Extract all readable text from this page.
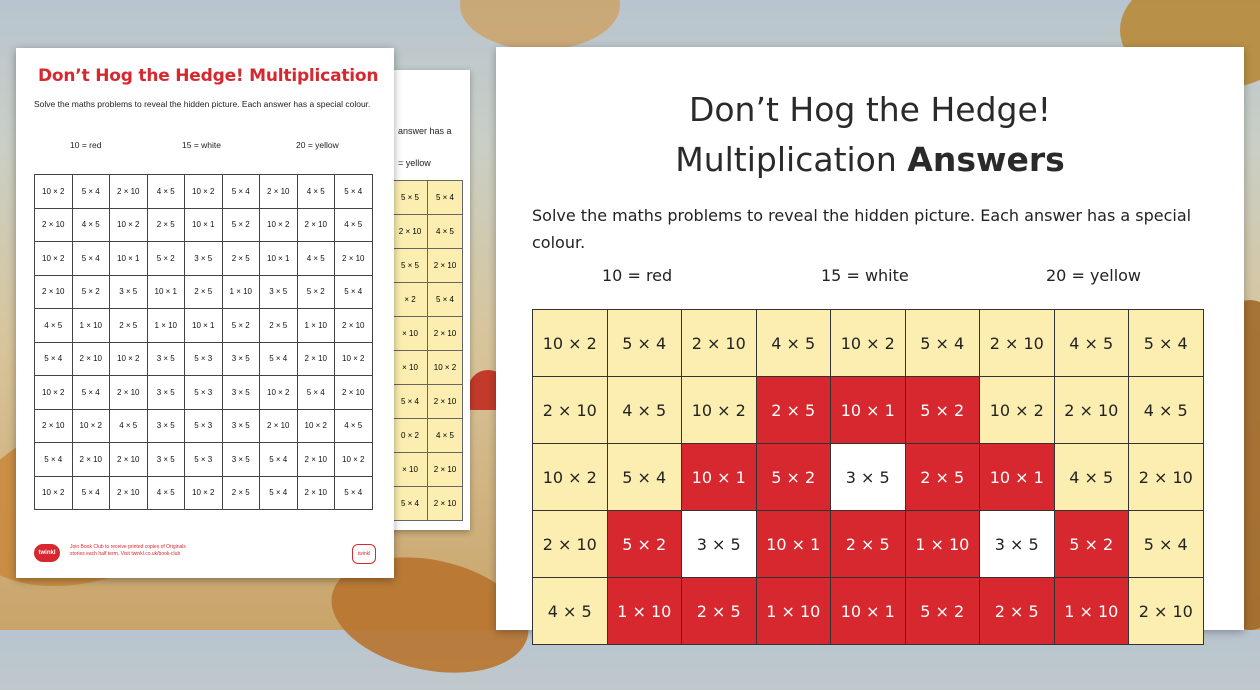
answer has a
= yellow
5 × 5	5 × 4
2 × 10	4 × 5
5 × 5	2 × 10
× 2	5 × 4
× 10	2 × 10
× 10	10 × 2
5 × 4	2 × 10
0 × 2	4 × 5
× 10	2 × 10
5 × 4	2 × 10
Don’t Hog the Hedge! Multiplication
Solve the maths problems to reveal the hidden picture. Each answer has a special colour.
10 = red	15 = white	20 = yellow
10 × 2	5 × 4	2 × 10	4 × 5	10 × 2	5 × 4	2 × 10	4 × 5	5 × 4
2 × 10	4 × 5	10 × 2	2 × 5	10 × 1	5 × 2	10 × 2	2 × 10	4 × 5
10 × 2	5 × 4	10 × 1	5 × 2	3 × 5	2 × 5	10 × 1	4 × 5	2 × 10
2 × 10	5 × 2	3 × 5	10 × 1	2 × 5	1 × 10	3 × 5	5 × 2	5 × 4
4 × 5	1 × 10	2 × 5	1 × 10	10 × 1	5 × 2	2 × 5	1 × 10	2 × 10
5 × 4	2 × 10	10 × 2	3 × 5	5 × 3	3 × 5	5 × 4	2 × 10	10 × 2
10 × 2	5 × 4	2 × 10	3 × 5	5 × 3	3 × 5	10 × 2	5 × 4	2 × 10
2 × 10	10 × 2	4 × 5	3 × 5	5 × 3	3 × 5	2 × 10	10 × 2	4 × 5
5 × 4	2 × 10	2 × 10	3 × 5	5 × 3	3 × 5	5 × 4	2 × 10	10 × 2
10 × 2	5 × 4	2 × 10	4 × 5	10 × 2	2 × 5	5 × 4	2 × 10	5 × 4
twinkl
Join Book Club to receive printed copies of Originals stories each half term. Visit twinkl.co.uk/book-club	twinkl
Don’t Hog the Hedge!
Multiplication Answers
Solve the maths problems to reveal the hidden picture. Each answer has a special colour.
10 = red	15 = white	20 = yellow
10 × 2	5 × 4	2 × 10	4 × 5	10 × 2	5 × 4	2 × 10	4 × 5	5 × 4
2 × 10	4 × 5	10 × 2	2 × 5	10 × 1	5 × 2	10 × 2	2 × 10	4 × 5
10 × 2	5 × 4	10 × 1	5 × 2	3 × 5	2 × 5	10 × 1	4 × 5	2 × 10
2 × 10	5 × 2	3 × 5	10 × 1	2 × 5	1 × 10	3 × 5	5 × 2	5 × 4
4 × 5	1 × 10	2 × 5	1 × 10	10 × 1	5 × 2	2 × 5	1 × 10	2 × 10
